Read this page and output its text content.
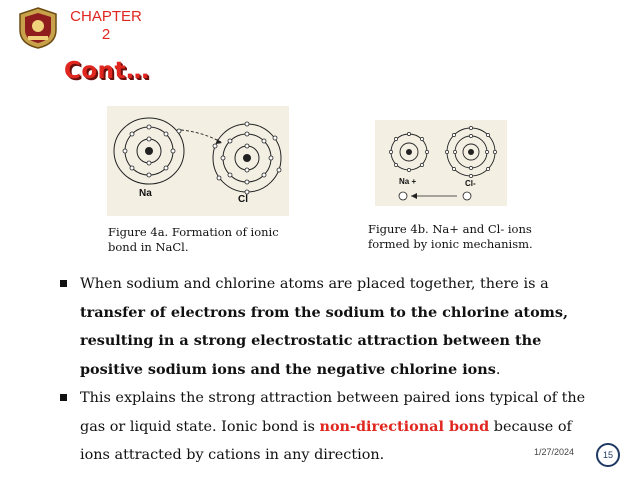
CHAPTER
2
Cont…
Na
Cl
Na +	Cl-
Figure 4a. Formation of ionic
bond in NaCl.
Figure 4b. Na+ and Cl- ions
formed by ionic mechanism.
When sodium and chlorine atoms are placed together, there is a transfer of electrons from the sodium to the chlorine atoms, resulting in a strong electrostatic attraction between the positive sodium ions and the negative chlorine ions.
This explains the strong attraction between paired ions typical of the gas or liquid state. Ionic bond is non-directional bond because of ions attracted by cations in any direction.	1/27/2024	15
